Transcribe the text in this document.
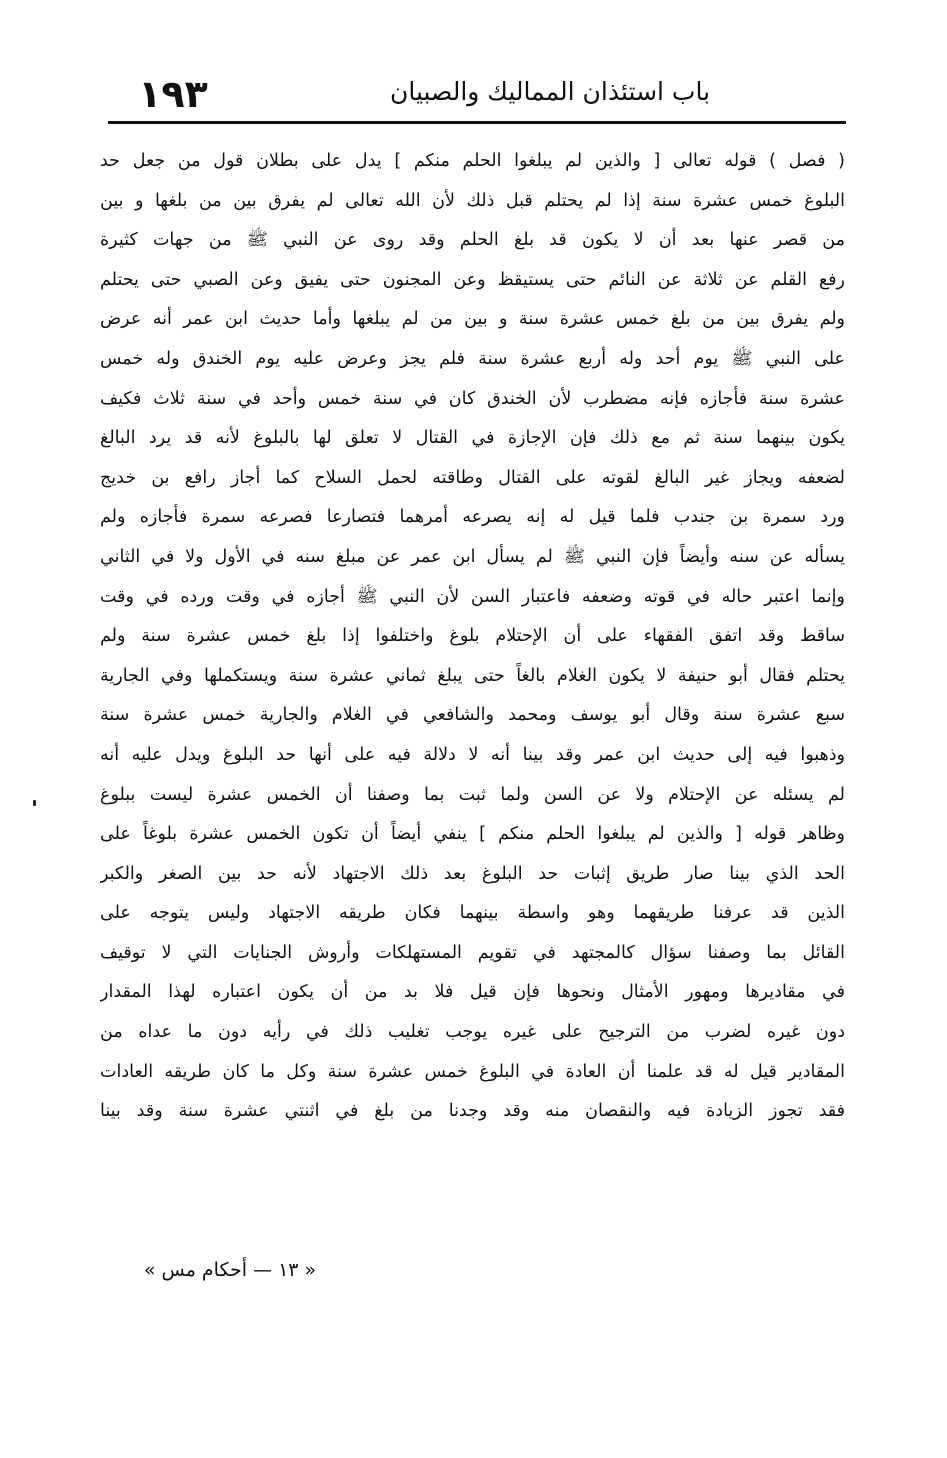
١٩٣	باب استئذان المماليك والصبيان
( فصل ) قوله تعالى [ والذين لم يبلغوا الحلم منكم ] يدل على بطلان قول من جعل حد
البلوغ خمس عشرة سنة إذا لم يحتلم قبل ذلك لأن الله تعالى لم يفرق بين من بلغها و بين
من قصر عنها بعد أن لا يكون قد بلغ الحلم وقد روى عن النبي ﷺ من جهات كثيرة
رفع القلم عن ثلاثة عن النائم حتى يستيقظ وعن المجنون حتى يفيق وعن الصبي حتى يحتلم
ولم يفرق بين من بلغ خمس عشرة سنة و بين من لم يبلغها وأما حديث ابن عمر أنه عرض
على النبي ﷺ يوم أحد وله أربع عشرة سنة فلم يجز وعرض عليه يوم الخندق وله خمس
عشرة سنة فأجازه فإنه مضطرب لأن الخندق كان في سنة خمس وأحد في سنة ثلاث فكيف
يكون بينهما سنة ثم مع ذلك فإن الإجازة في القتال لا تعلق لها بالبلوغ لأنه قد يرد البالغ
لضعفه ويجاز غير البالغ لقوته على القتال وطاقته لحمل السلاح كما أجاز رافع بن خديج
ورد سمرة بن جندب فلما قيل له إنه يصرعه أمرهما فتصارعا فصرعه سمرة فأجازه ولم
يسأله عن سنه وأيضاً فإن النبي ﷺ لم يسأل ابن عمر عن مبلغ سنه في الأول ولا في الثاني
وإنما اعتبر حاله في قوته وضعفه فاعتبار السن لأن النبي ﷺ أجازه في وقت ورده في وقت
ساقط وقد اتفق الفقهاء على أن الإحتلام بلوغ واختلفوا إذا بلغ خمس عشرة سنة ولم
يحتلم فقال أبو حنيفة لا يكون الغلام بالغاً حتى يبلغ ثماني عشرة سنة ويستكملها وفي الجارية
سبع عشرة سنة وقال أبو يوسف ومحمد والشافعي في الغلام والجارية خمس عشرة سنة
وذهبوا فيه إلى حديث ابن عمر وقد بينا أنه لا دلالة فيه على أنها حد البلوغ ويدل عليه أنه
لم يسئله عن الإحتلام ولا عن السن ولما ثبت بما وصفنا أن الخمس عشرة ليست ببلوغ
وظاهر قوله [ والذين لم يبلغوا الحلم منكم ] ينفي أيضاً أن تكون الخمس عشرة بلوغاً على
الحد الذي بينا صار طريق إثبات حد البلوغ بعد ذلك الاجتهاد لأنه حد بين الصغر والكبر
الذين قد عرفنا طريقهما وهو واسطة بينهما فكان طريقه الاجتهاد وليس يتوجه على
القائل بما وصفنا سؤال كالمجتهد في تقويم المستهلكات وأروش الجنايات التي لا توقيف
في مقاديرها ومهور الأمثال ونحوها فإن قيل فلا بد من أن يكون اعتباره لهذا المقدار
دون غيره لضرب من الترجيح على غيره يوجب تغليب ذلك في رأيه دون ما عداه من
المقادير قيل له قد علمنا أن العادة في البلوغ خمس عشرة سنة وكل ما كان طريقه العادات
فقد تجوز الزيادة فيه والنقصان منه وقد وجدنا من بلغ في اثنتي عشرة سنة وقد بينا
« ١٣ — أحكام مس »
